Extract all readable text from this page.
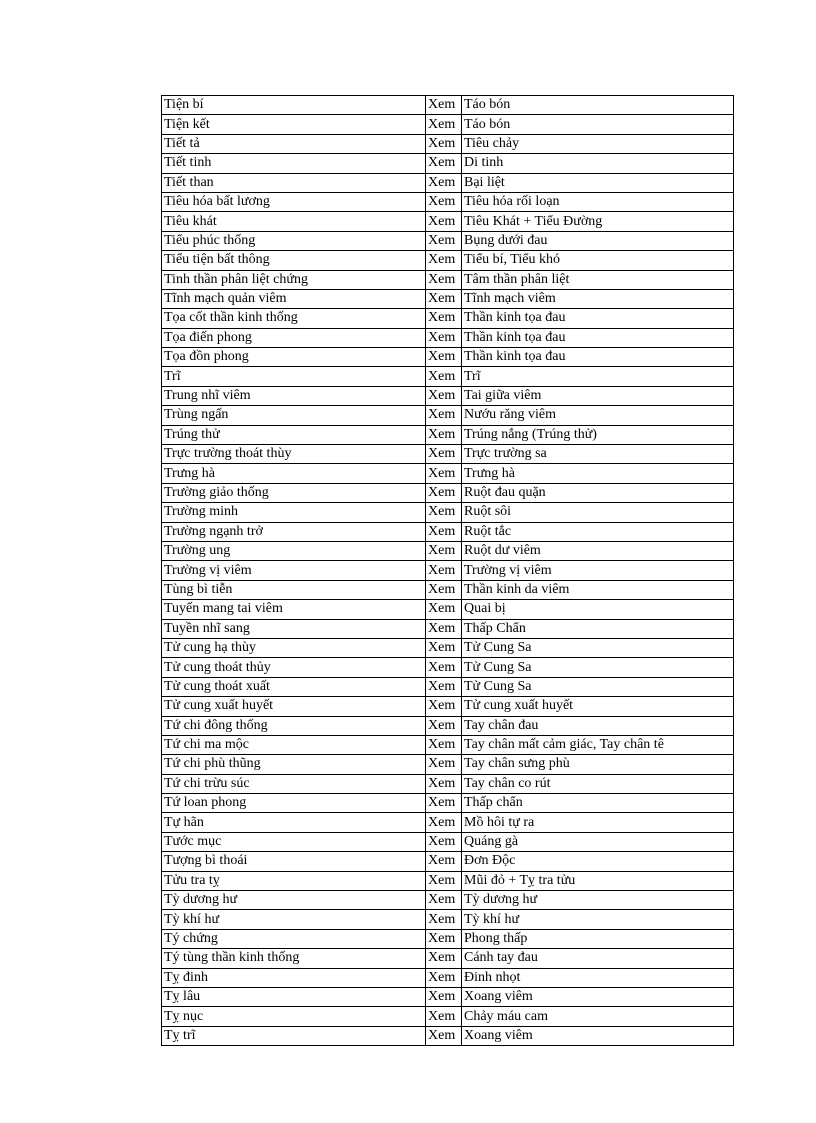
Tiện bí	Xem	Táo bón
Tiện kết	Xem	Táo bón
Tiết tả	Xem	Tiêu chảy
Tiết tinh	Xem	Di tinh
Tiết than	Xem	Bại liệt
Tiêu hóa bất lương	Xem	Tiêu hóa rối loạn
Tiêu khát	Xem	Tiêu Khát + Tiểu Đường
Tiểu phúc thống	Xem	Bụng dưới đau
Tiểu tiện bất thông	Xem	Tiểu bí, Tiểu khó
Tinh thần phân liệt chứng	Xem	Tâm thần phân liệt
Tĩnh mạch quản viêm	Xem	Tĩnh mạch viêm
Tọa cốt thần kinh thống	Xem	Thần kinh tọa đau
Tọa điến phong	Xem	Thần kinh tọa đau
Tọa đồn phong	Xem	Thần kinh tọa đau
Trĩ	Xem	Trĩ
Trung nhĩ viêm	Xem	Tai giữa viêm
Trùng ngấn	Xem	Nướu răng viêm
Trúng thử	Xem	Trúng nắng (Trúng thử)
Trực trường thoát thùy	Xem	Trực trường sa
Trưng hà	Xem	Trưng hà
Trường giảo thống	Xem	Ruột đau quặn
Trường minh	Xem	Ruột sôi
Trường ngạnh trở	Xem	Ruột tắc
Trường ung	Xem	Ruột dư viêm
Trường vị viêm	Xem	Trường vị viêm
Tùng bì tiễn	Xem	Thần kinh da viêm
Tuyến mang tai viêm	Xem	Quai bị
Tuyền nhĩ sang	Xem	Thấp Chẩn
Tử cung hạ thùy	Xem	Tử Cung Sa
Tử cung thoát thủy	Xem	Tử Cung Sa
Tử cung thoát xuất	Xem	Tử Cung Sa
Tử cung xuất huyết	Xem	Tử cung xuất huyết
Tứ chi đông thống	Xem	Tay chân đau
Tứ chi ma mộc	Xem	Tay chân mất cảm giác, Tay chân tê
Tứ chi phù thũng	Xem	Tay chân sưng phù
Tứ chi trừu súc	Xem	Tay chân co rút
Tứ loan phong	Xem	Thấp chẩn
Tự hãn	Xem	Mồ hôi tự ra
Tước mục	Xem	Quáng gà
Tượng bì thoái	Xem	Đơn Độc
Tửu tra tỵ	Xem	Mũi đỏ + Tỵ tra tửu
Tỳ dương hư	Xem	Tỳ dương hư
Tỳ khí hư	Xem	Tỳ khí hư
Tý chứng	Xem	Phong thấp
Tý tùng thần kinh thống	Xem	Cánh tay đau
Tỵ đinh	Xem	Đinh nhọt
Tỵ lâu	Xem	Xoang viêm
Tỵ nục	Xem	Chảy máu cam
Tỵ trĩ	Xem	Xoang viêm
